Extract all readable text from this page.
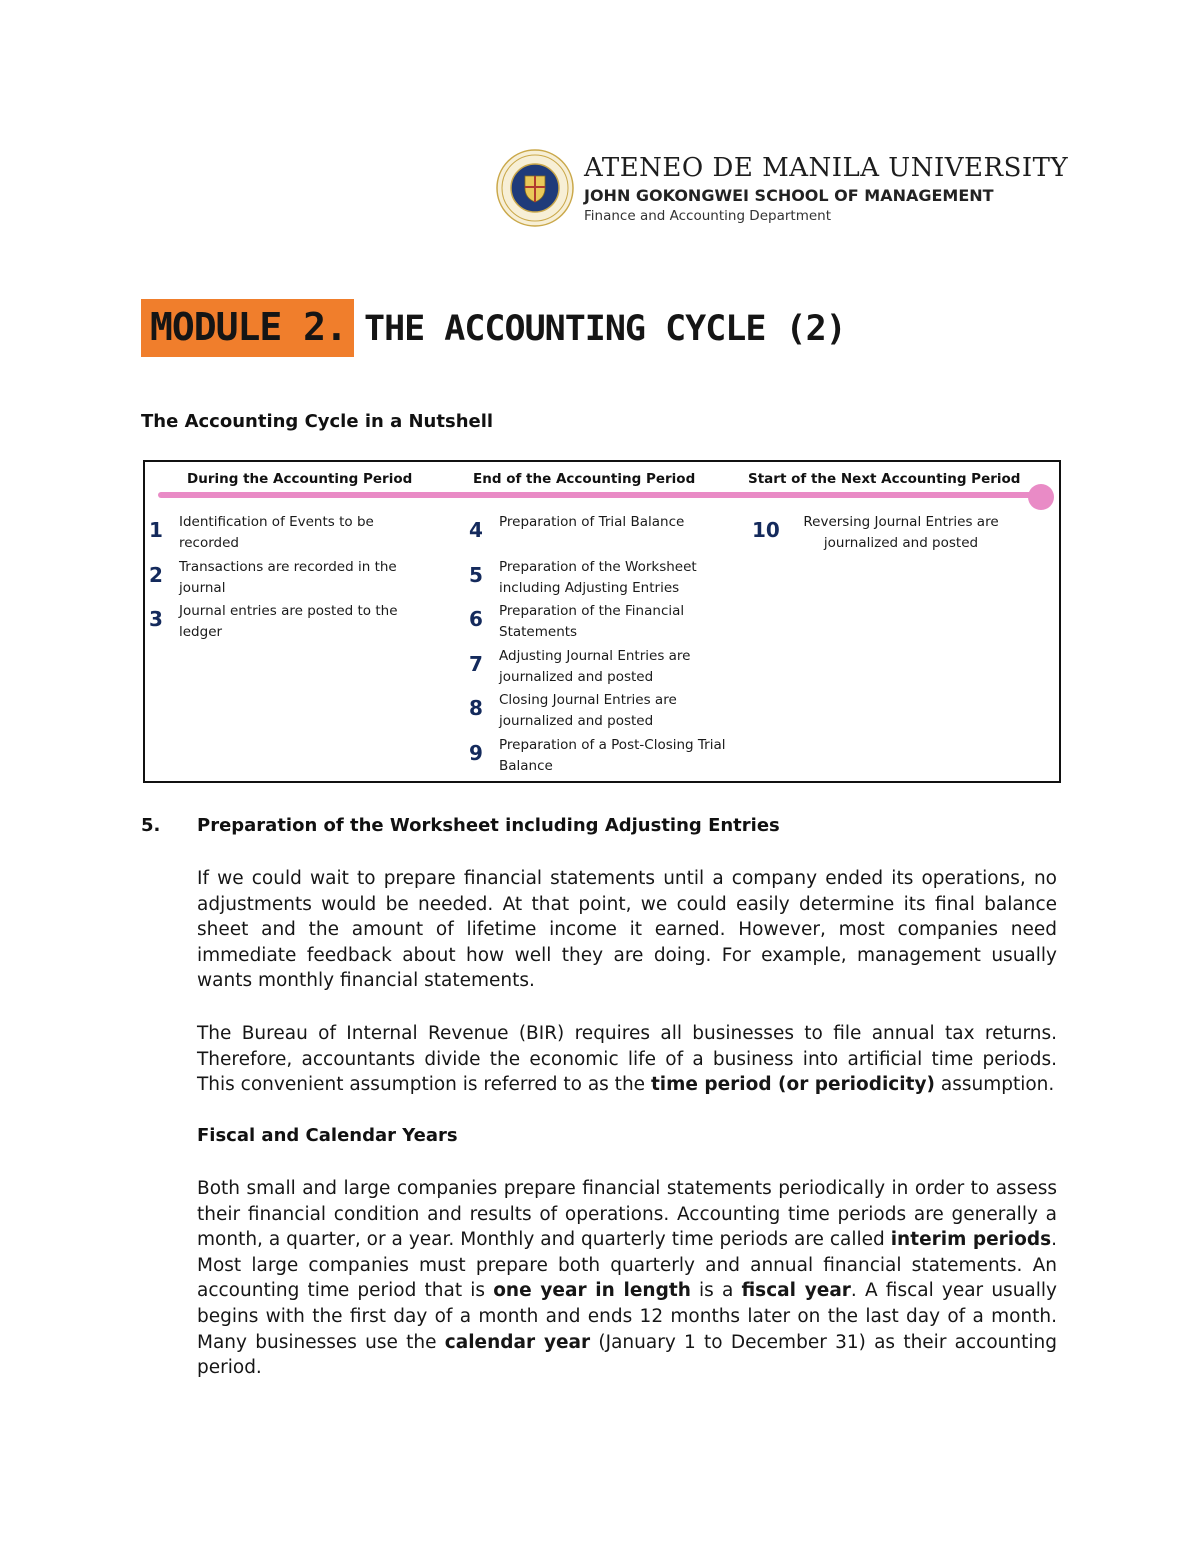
ATENEO DE MANILA UNIVERSITY
JOHN GOKONGWEI SCHOOL OF MANAGEMENT
Finance and Accounting Department
MODULE 2. THE ACCOUNTING CYCLE (2)
The Accounting Cycle in a Nutshell
During the Accounting Period	End of the Accounting Period	Start of the Next Accounting Period
1 Identification of Events to be recorded
2 Transactions are recorded in the journal
3 Journal entries are posted to the ledger
4 Preparation of Trial Balance
5 Preparation of the Worksheet including Adjusting Entries
6 Preparation of the Financial Statements
7 Adjusting Journal Entries are journalized and posted
8 Closing Journal Entries are journalized and posted
9 Preparation of a Post-Closing Trial Balance
10 Reversing Journal Entries are journalized and posted
5. Preparation of the Worksheet including Adjusting Entries
If we could wait to prepare financial statements until a company ended its operations, no adjustments would be needed. At that point, we could easily determine its final balance sheet and the amount of lifetime income it earned. However, most companies need immediate feedback about how well they are doing. For example, management usually wants monthly financial statements.
The Bureau of Internal Revenue (BIR) requires all businesses to file annual tax returns. Therefore, accountants divide the economic life of a business into artificial time periods. This convenient assumption is referred to as the time period (or periodicity) assumption.
Fiscal and Calendar Years
Both small and large companies prepare financial statements periodically in order to assess their financial condition and results of operations. Accounting time periods are generally a month, a quarter, or a year. Monthly and quarterly time periods are called interim periods. Most large companies must prepare both quarterly and annual financial statements. An accounting time period that is one year in length is a fiscal year. A fiscal year usually begins with the first day of a month and ends 12 months later on the last day of a month. Many businesses use the calendar year (January 1 to December 31) as their accounting period.
